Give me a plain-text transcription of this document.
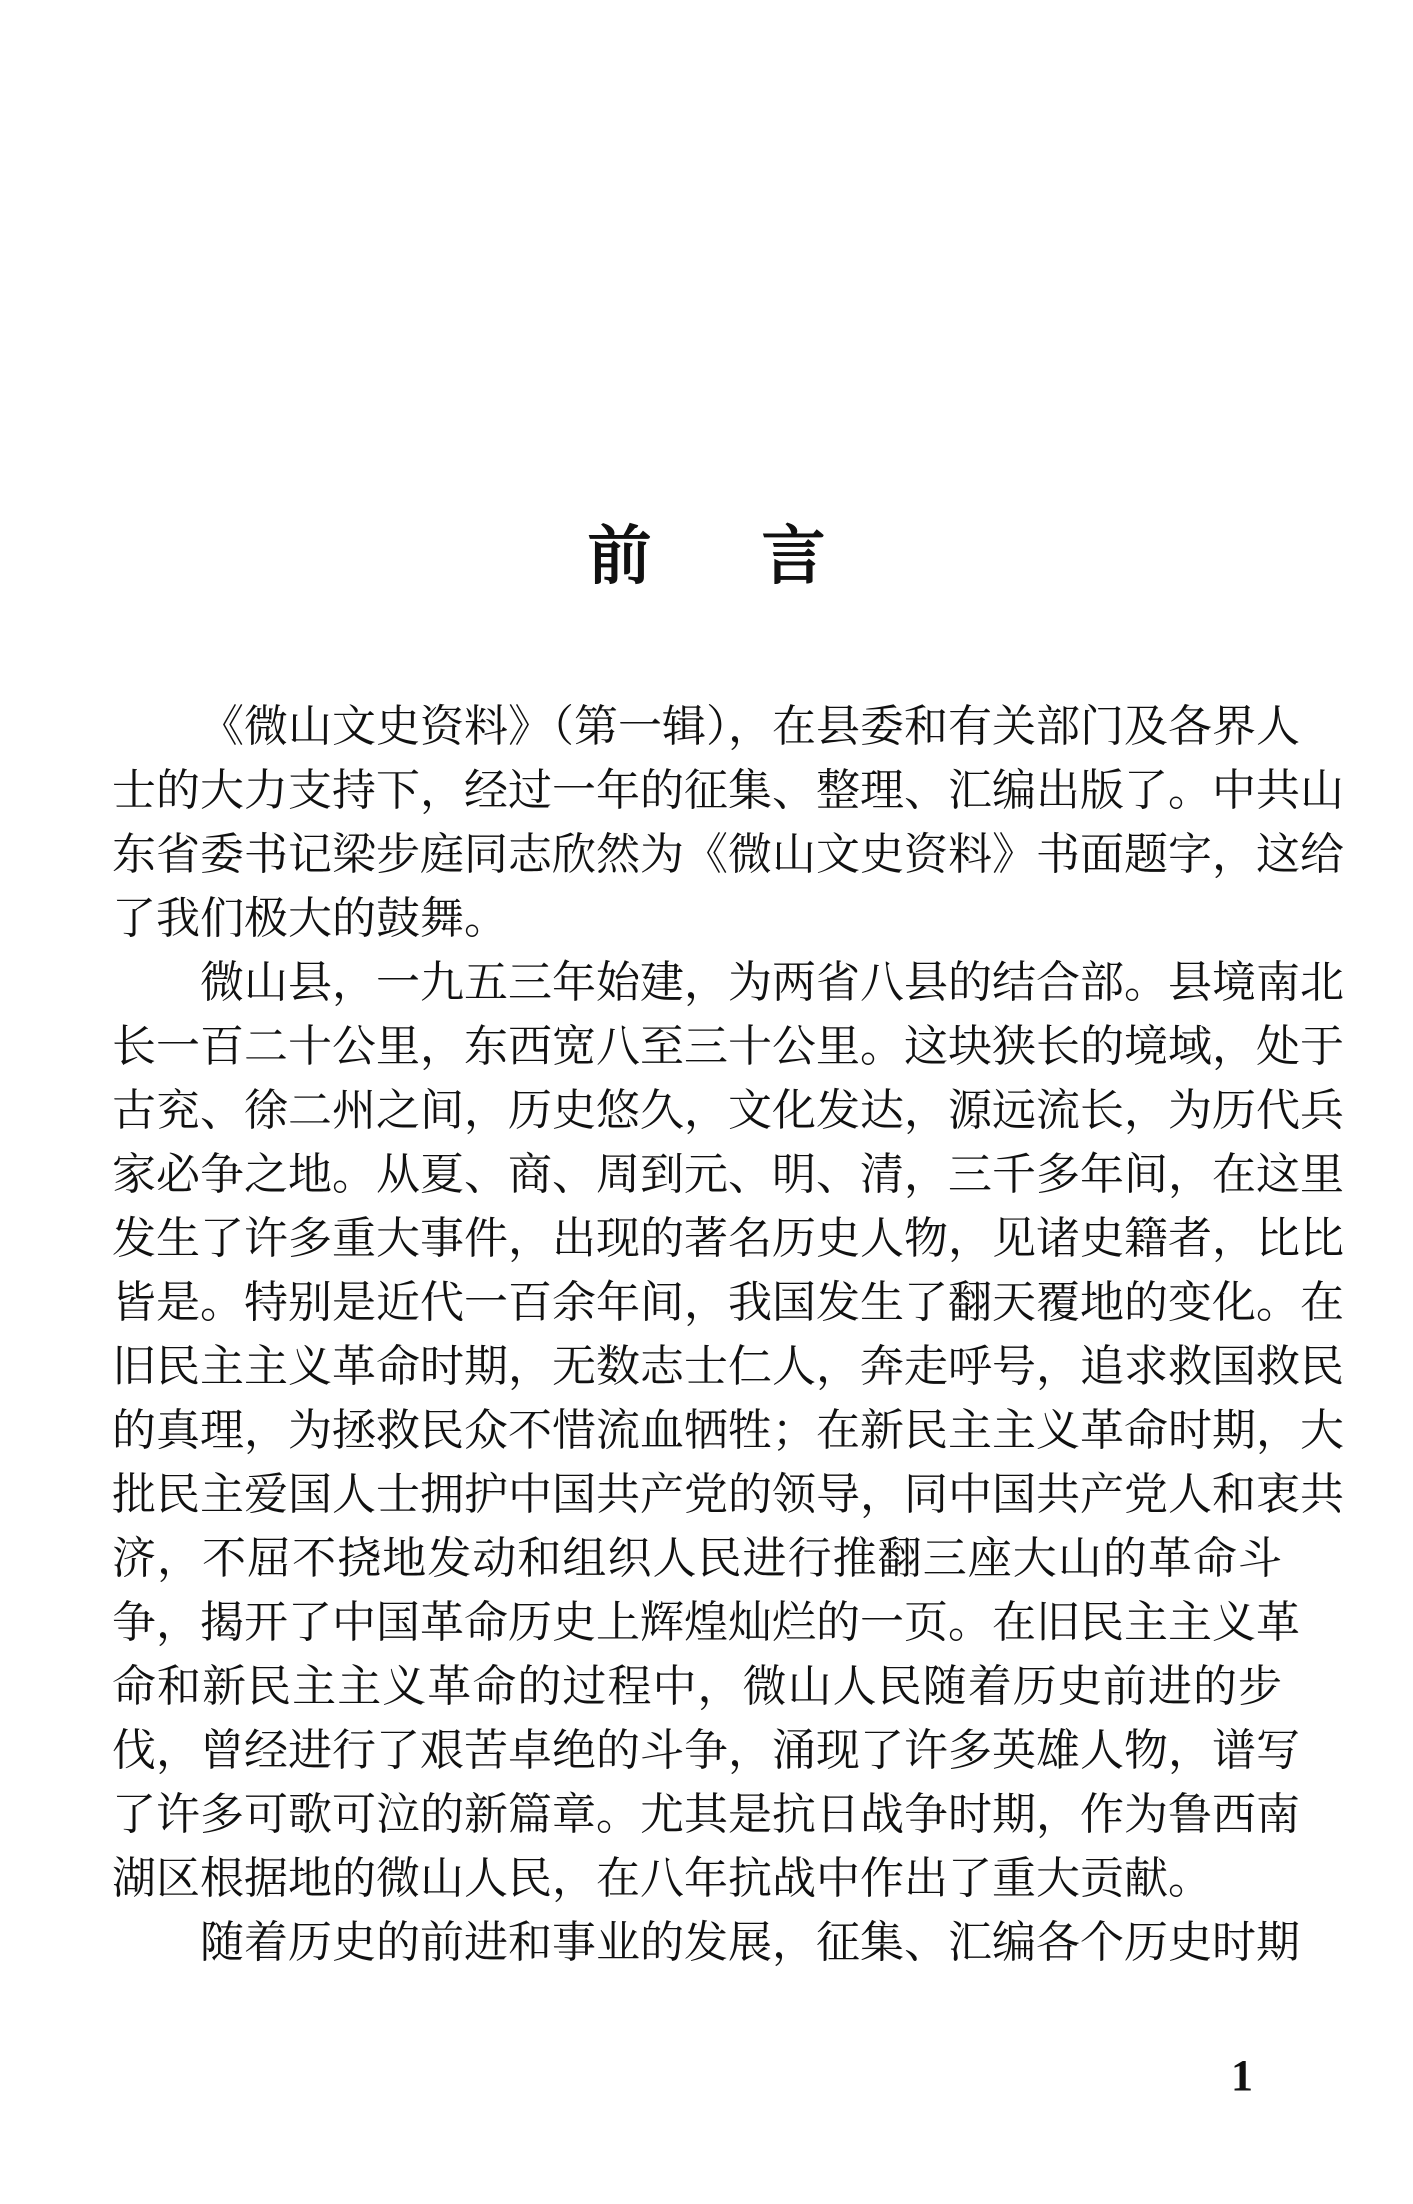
前 言
《微山文史资料》（第一辑），在县委和有关部门及各界人
士的大力支持下，经过一年的征集、整理、汇编出版了。中共山
东省委书记梁步庭同志欣然为《微山文史资料》书面题字，这给
了我们极大的鼓舞。
微山县，一九五三年始建，为两省八县的结合部。县境南北
长一百二十公里，东西宽八至三十公里。这块狭长的境域，处于
古兖、徐二州之间，历史悠久，文化发达，源远流长，为历代兵
家必争之地。从夏、商、周到元、明、清，三千多年间，在这里
发生了许多重大事件，出现的著名历史人物，见诸史籍者，比比
皆是。特别是近代一百余年间，我国发生了翻天覆地的变化。在
旧民主主义革命时期，无数志士仁人，奔走呼号，追求救国救民
的真理，为拯救民众不惜流血牺牲；在新民主主义革命时期，大
批民主爱国人士拥护中国共产党的领导，同中国共产党人和衷共
济，不屈不挠地发动和组织人民进行推翻三座大山的革命斗
争，揭开了中国革命历史上辉煌灿烂的一页。在旧民主主义革
命和新民主主义革命的过程中，微山人民随着历史前进的步
伐，曾经进行了艰苦卓绝的斗争，涌现了许多英雄人物，谱写
了许多可歌可泣的新篇章。尤其是抗日战争时期，作为鲁西南
湖区根据地的微山人民，在八年抗战中作出了重大贡献。
随着历史的前进和事业的发展，征集、汇编各个历史时期
1
